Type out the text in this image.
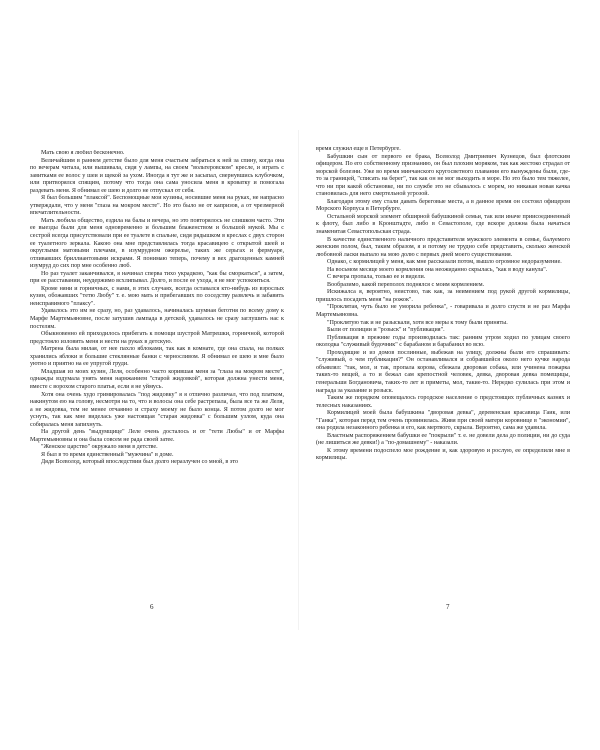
Мать свою я любил бесконечно.

Величайшим в раннем детстве было для меня счастьем забраться к ней за спину, когда она по вечерам читала, или вышивала, сидя у лампы, на своем "вольтеровском" кресле, и играть с завитками ее волос у шеи и щекой за ухом. Иногда я тут же и засыпал, свернувшись клубочком, или притворялся спящим, потому что тогда она сама уносила меня в кроватку и помогала раздевать меня. Я обнимал ее шею и долго не отпускал от себя.

Я был большим "плаксой". Беспомощные мои кузины, носившие меня на руках, не напрасно утверждали, что у меня "глаза на мокром месте". Но это было не от капризов, а от чрезмерной впечатлительности.

Мать любила общество, ездила на балы и вечера, но это повторялось не слишком часто. Эти ее выезды были для меня одновременно и большим блаженством и большой мукой. Мы с сестрой всегда присутствовали при ее туалете в спальне, сидя рядышком в креслах с двух сторон ее туалетного зеркала. Какою она мне представлялась тогда красавицею с открытой шеей и округлыми матовыми плечами, в изумрудном ожерелье, таких же серьгах и фермуаре, отливавших бриллиантовыми искрами. Я понимаю теперь, почему в вех драгоценных камней изумруд до сих пор мне особенно люб.

Но раз туалет заканчивался, я начинал сперва тихо украдкою, "как бы сморкаться", а затем, при ее расставании, неудержимо всхлипывал. Долго, и после ее ухода, я не мог успокоиться.

Кроме няни и горничных, с нами, в этих случаях, всегда оставался кто-нибудь из взрослых кузин, обожавших "тетю Любу" т. е. мою мать и прибегавших по соседству развлечь и забавить неисправимого "плаксу".

Удавалось это им не сразу, но, раз удавалось, начиналась шумная беготня по всему дому к Марфе Мартемьяновне, после затушив лампада в детской, удавалось не сразу заглушить нас к постелям.

Обыкновенно ей приходилось прибегать к помощи шустрой Матрешки, горничной, которой предстояло изловить меня и нести на руках в детскую.

Матрена была милая, от нее пахло яблоками, так как в комнате, где она спала, на полках хранились яблоки и большие стеклянные банки с черносливом. Я обнимал ее шею и мне было уютно и приятно на ее упругой груди.

Младшая из моих кузин, Леля, особенно часто корившая меня за "глаза на мокром месте", однажды вздумала унять меня наряжанием "старой жидовкой", которая должна унести меня, вместе с ворохом старого платья, если я не уймусь.

Хотя она очень худо гримировалась "под жидовку" я я отлично различал, что под платком, накинутом ею на голову, несмотря на то, что и волосы она себе растрепала, была все та же Леля, а не жидовка, тем не менее отчаянно и страху моему не было конца. Я потом долго не мог уснуть, так как мне виделась уже настоящая "старая жидовка" с большим узлом, куда она собиралась меня запихнуть.

На другой день "выдумщице" Леле очень досталось и от "тети Любы" и от Марфы Мартемьяновны и она была совсем не рада своей затее.

"Женское царство" окружало меня в детстве.

Я был в то время единственный "мужчина" в доме.

Дядя Всеволод, который впоследствии был долго неразлучен со мной, в это

6

время служил еще в Петербурге.

Бабушкин сын от первого ее брака, Всеволод Дмитриевич Кузнецов, был флотским офицером. По его собственному признанию, он был плохим моряком, так как жестоко страдал от морской болезни. Уже во время минчанского кругосветного плавания его вынуждены были, где-то за границей, "списать на берег", так как он не мог выходить в море. Но это было тем тяжелее, что ни при какой обстановке, ни по службе это не сбывалось с морем, но никакая новая качка становилась для него смертельной угрозой.

Благодаря этому ему стали давать береговые места, а в данное время он состоял офицером Морского Корпуса в Петербурге.

Остальной морской элемент обширной бабушкиной семьи, так или иначе приисоединенный к флоту, был либо в Кронштадте, либо в Севастополе, где вскоре должна была начаться знаменитая Севастопольская страда.

В качестве единственного наличного представителя мужского элемента в семье, балуемого женским полом, был, таким образом, я и потому не трудно себе представить, сколько женской любовной ласки выпало на мою долю с первых дней моего существования.

Однако, с кормилицей у меня, как мне рассказали потом, вышло огромное недоразумение.

На восьмом месяце моего кормления она неожиданно скрылась, "как в воду канула".

С вечера пропала, только ее и видели.

Вообразимо, какой переполох поднялся с моим кормлением.

Искижалса я, вероятно, неистово, так как, за неимением под рукой другой кормилицы, пришлось посадить меня "на рожок".

"Проклятая, чуть было не уморила ребенка", - говаривала и долго спустя и не раз Марфа Мартемьяновна.

"Проклятую так и не разыскали, хотя все меры к тому были приняты.

Были от полиции и "розыск" и "публикация".

Публикация в прежние годы производилась так: ранним утром ходил по улицам своего околодка "служивый будочник" с барабаном и барабанил во всю.

Проходящие и из домов послинные, выбежав на улицу, должны были его спрашивать: "служивый, о чем публикация?" Он останавливался и собравшейся около него кучке народа объявлял: "так, мол, и так, пропала корова, сбежала дворовая собака, или учинена пожарка таких-то вещей, а то и бежал сам крепостной человек, девка, дворовая девка помещицы, генеральши Богдановича, таких-то лет и приметы, мол, такие-то. Нередко сулилась при этом и награда за указание и розыск.

Таким же порядком оповещалось городское население о предстоящих публичных казнях и телесных наказаниях.

Кормилицей моей была бабушкина "дворовая девка", деревенская красавица Гаик, или "Ганка", которая перед тем очень провинилась. Живя при своей матери коровнице в "экономии", она родила незаконного ребенка и его, как мертвого, скрыла. Вероятно, сама же удавила.

Властным распоряжением бабушки ее "покрыли" т. е. не довели дела до полиции, ни до суда (не лишиться же девки!) а "по-домашнему" - наказали.

К этому времени подоспело мое рождение и, как здоровую и рослую, ее определили мне в кормилицы.

7
